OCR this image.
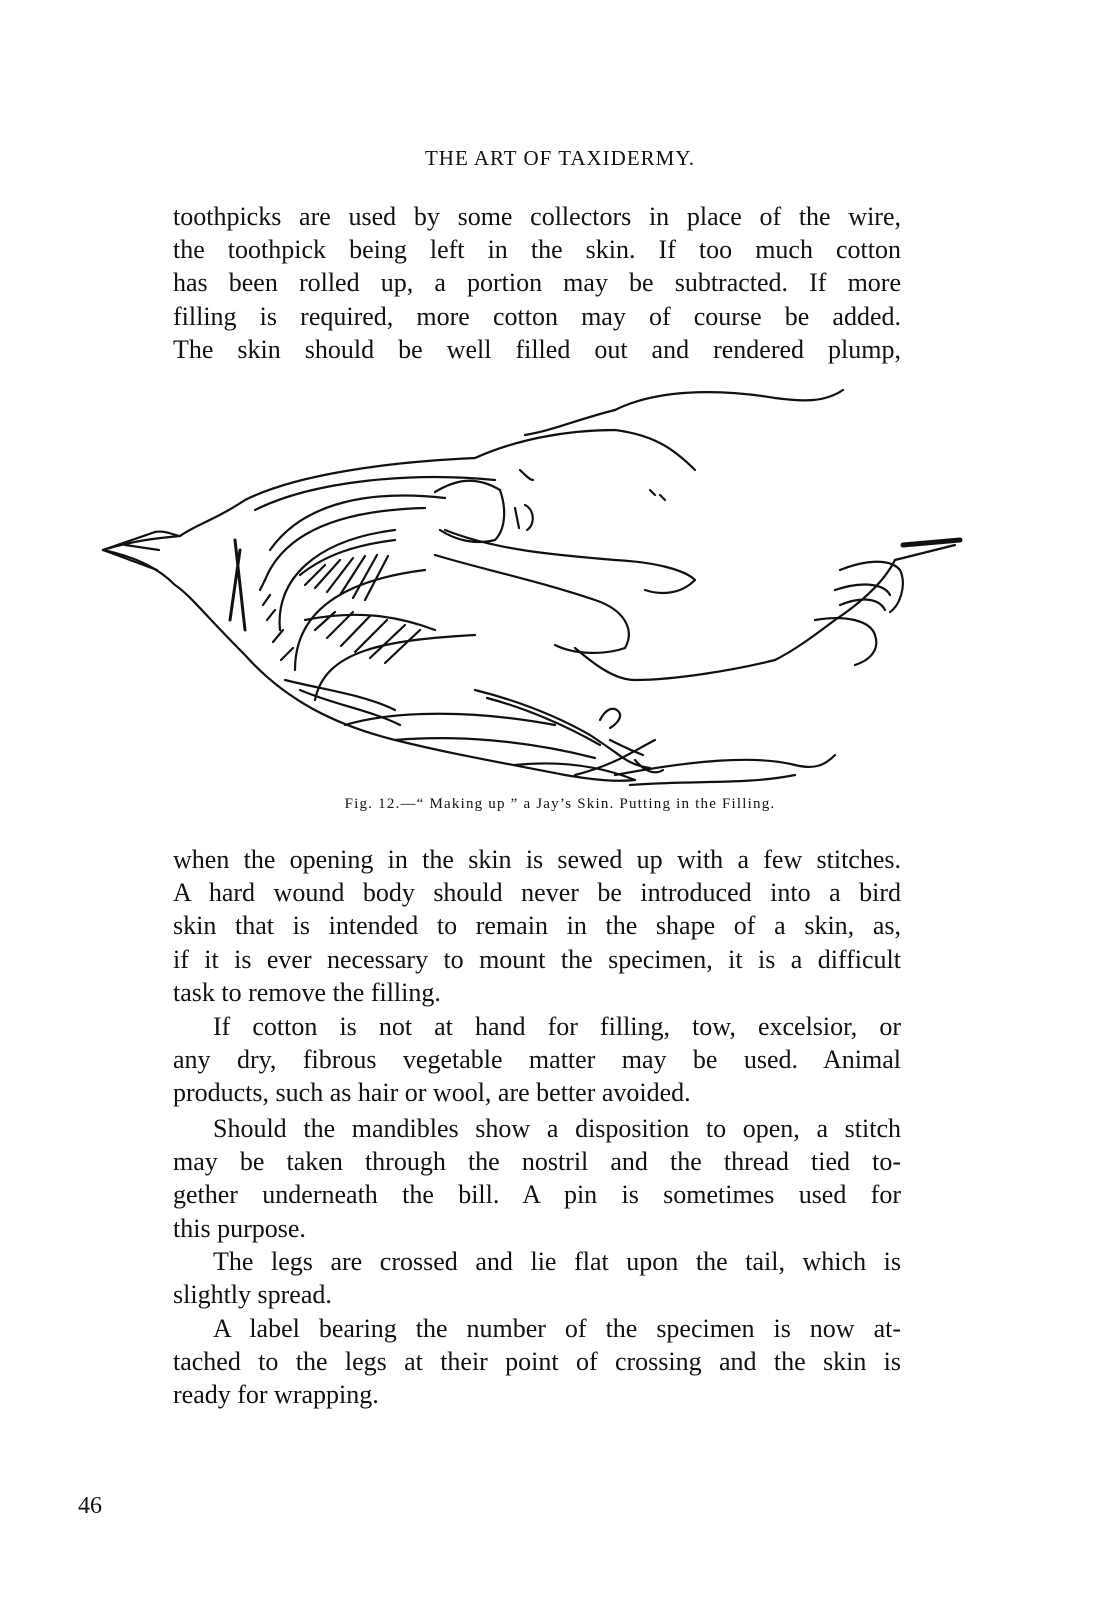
THE ART OF TAXIDERMY.
toothpicks are used by some collectors in place of the wire,
the toothpick being left in the skin. If too much cotton
has been rolled up, a portion may be subtracted. If more
filling is required, more cotton may of course be added.
The skin should be well filled out and rendered plump,
Fig. 12.—“ Making up ” a Jay’s Skin. Putting in the Filling.
when the opening in the skin is sewed up with a few stitches.
A hard wound body should never be introduced into a bird
skin that is intended to remain in the shape of a skin, as,
if it is ever necessary to mount the specimen, it is a difficult
task to remove the filling.
If cotton is not at hand for filling, tow, excelsior, or
any dry, fibrous vegetable matter may be used. Animal
products, such as hair or wool, are better avoided.
Should the mandibles show a disposition to open, a stitch
may be taken through the nostril and the thread tied to-
gether underneath the bill. A pin is sometimes used for
this purpose.
The legs are crossed and lie flat upon the tail, which is
slightly spread.
A label bearing the number of the specimen is now at-
tached to the legs at their point of crossing and the skin is
ready for wrapping.
46
